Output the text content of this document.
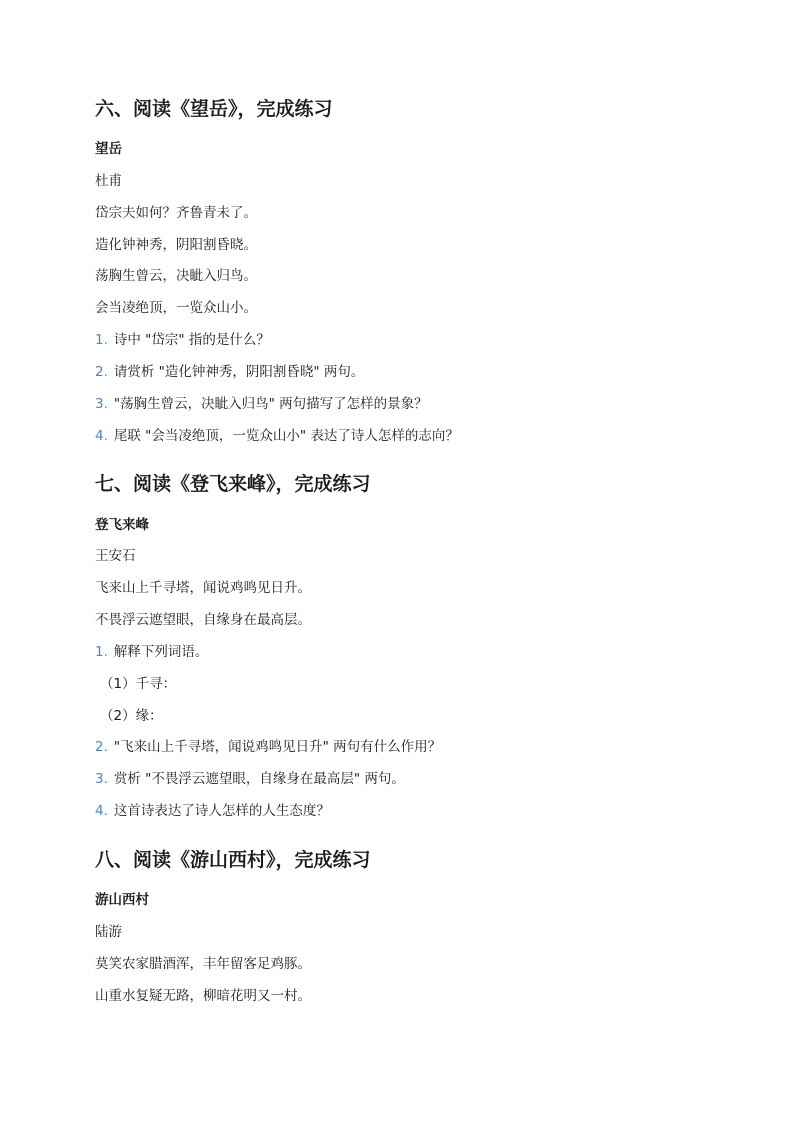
六、阅读《望岳》，完成练习
望岳
杜甫
岱宗夫如何？齐鲁青未了。
造化钟神秀，阴阳割昏晓。
荡胸生曾云，决眦入归鸟。
会当凌绝顶，一览众山小。
1. 诗中 "岱宗" 指的是什么？
2. 请赏析 "造化钟神秀，阴阳割昏晓" 两句。
3. "荡胸生曾云，决眦入归鸟" 两句描写了怎样的景象？
4. 尾联 "会当凌绝顶，一览众山小" 表达了诗人怎样的志向？
七、阅读《登飞来峰》，完成练习
登飞来峰
王安石
飞来山上千寻塔，闻说鸡鸣见日升。
不畏浮云遮望眼，自缘身在最高层。
1. 解释下列词语。
（1）千寻：
（2）缘：
2. "飞来山上千寻塔，闻说鸡鸣见日升" 两句有什么作用？
3. 赏析 "不畏浮云遮望眼，自缘身在最高层" 两句。
4. 这首诗表达了诗人怎样的人生态度？
八、阅读《游山西村》，完成练习
游山西村
陆游
莫笑农家腊酒浑，丰年留客足鸡豚。
山重水复疑无路，柳暗花明又一村。
